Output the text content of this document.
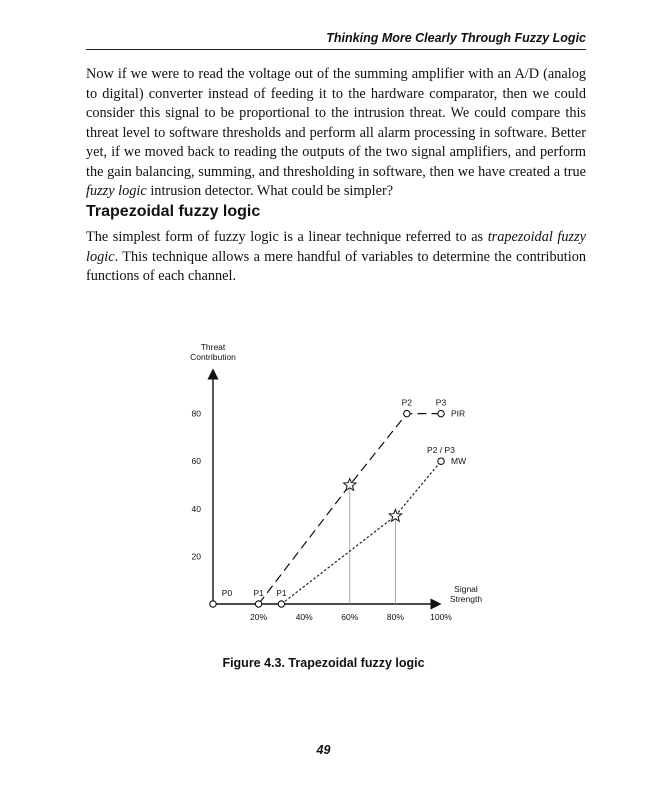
Thinking More Clearly Through Fuzzy Logic

Now if we were to read the voltage out of the summing amplifier with an A/D (analog to digital) converter instead of feeding it to the hardware comparator, then we could consider this signal to be proportional to the intrusion threat. We could compare this threat level to software thresholds and perform all alarm processing in software. Better yet, if we moved back to reading the outputs of the two signal amplifiers, and perform the gain balancing, summing, and thresholding in software, then we have created a true fuzzy logic intrusion detector. What could be simpler?

Trapezoidal fuzzy logic

The simplest form of fuzzy logic is a linear technique referred to as trapezoidal fuzzy logic. This technique allows a mere handful of variables to determine the contribution functions of each channel.

Threat
Contribution
Signal
Strength
20
40
60
80
20%	40%	60%	80%	100%
P1
P2	P3
PIR
P1
P2 / P3
MW
P0
Figure 4.3. Trapezoidal fuzzy logic
49
